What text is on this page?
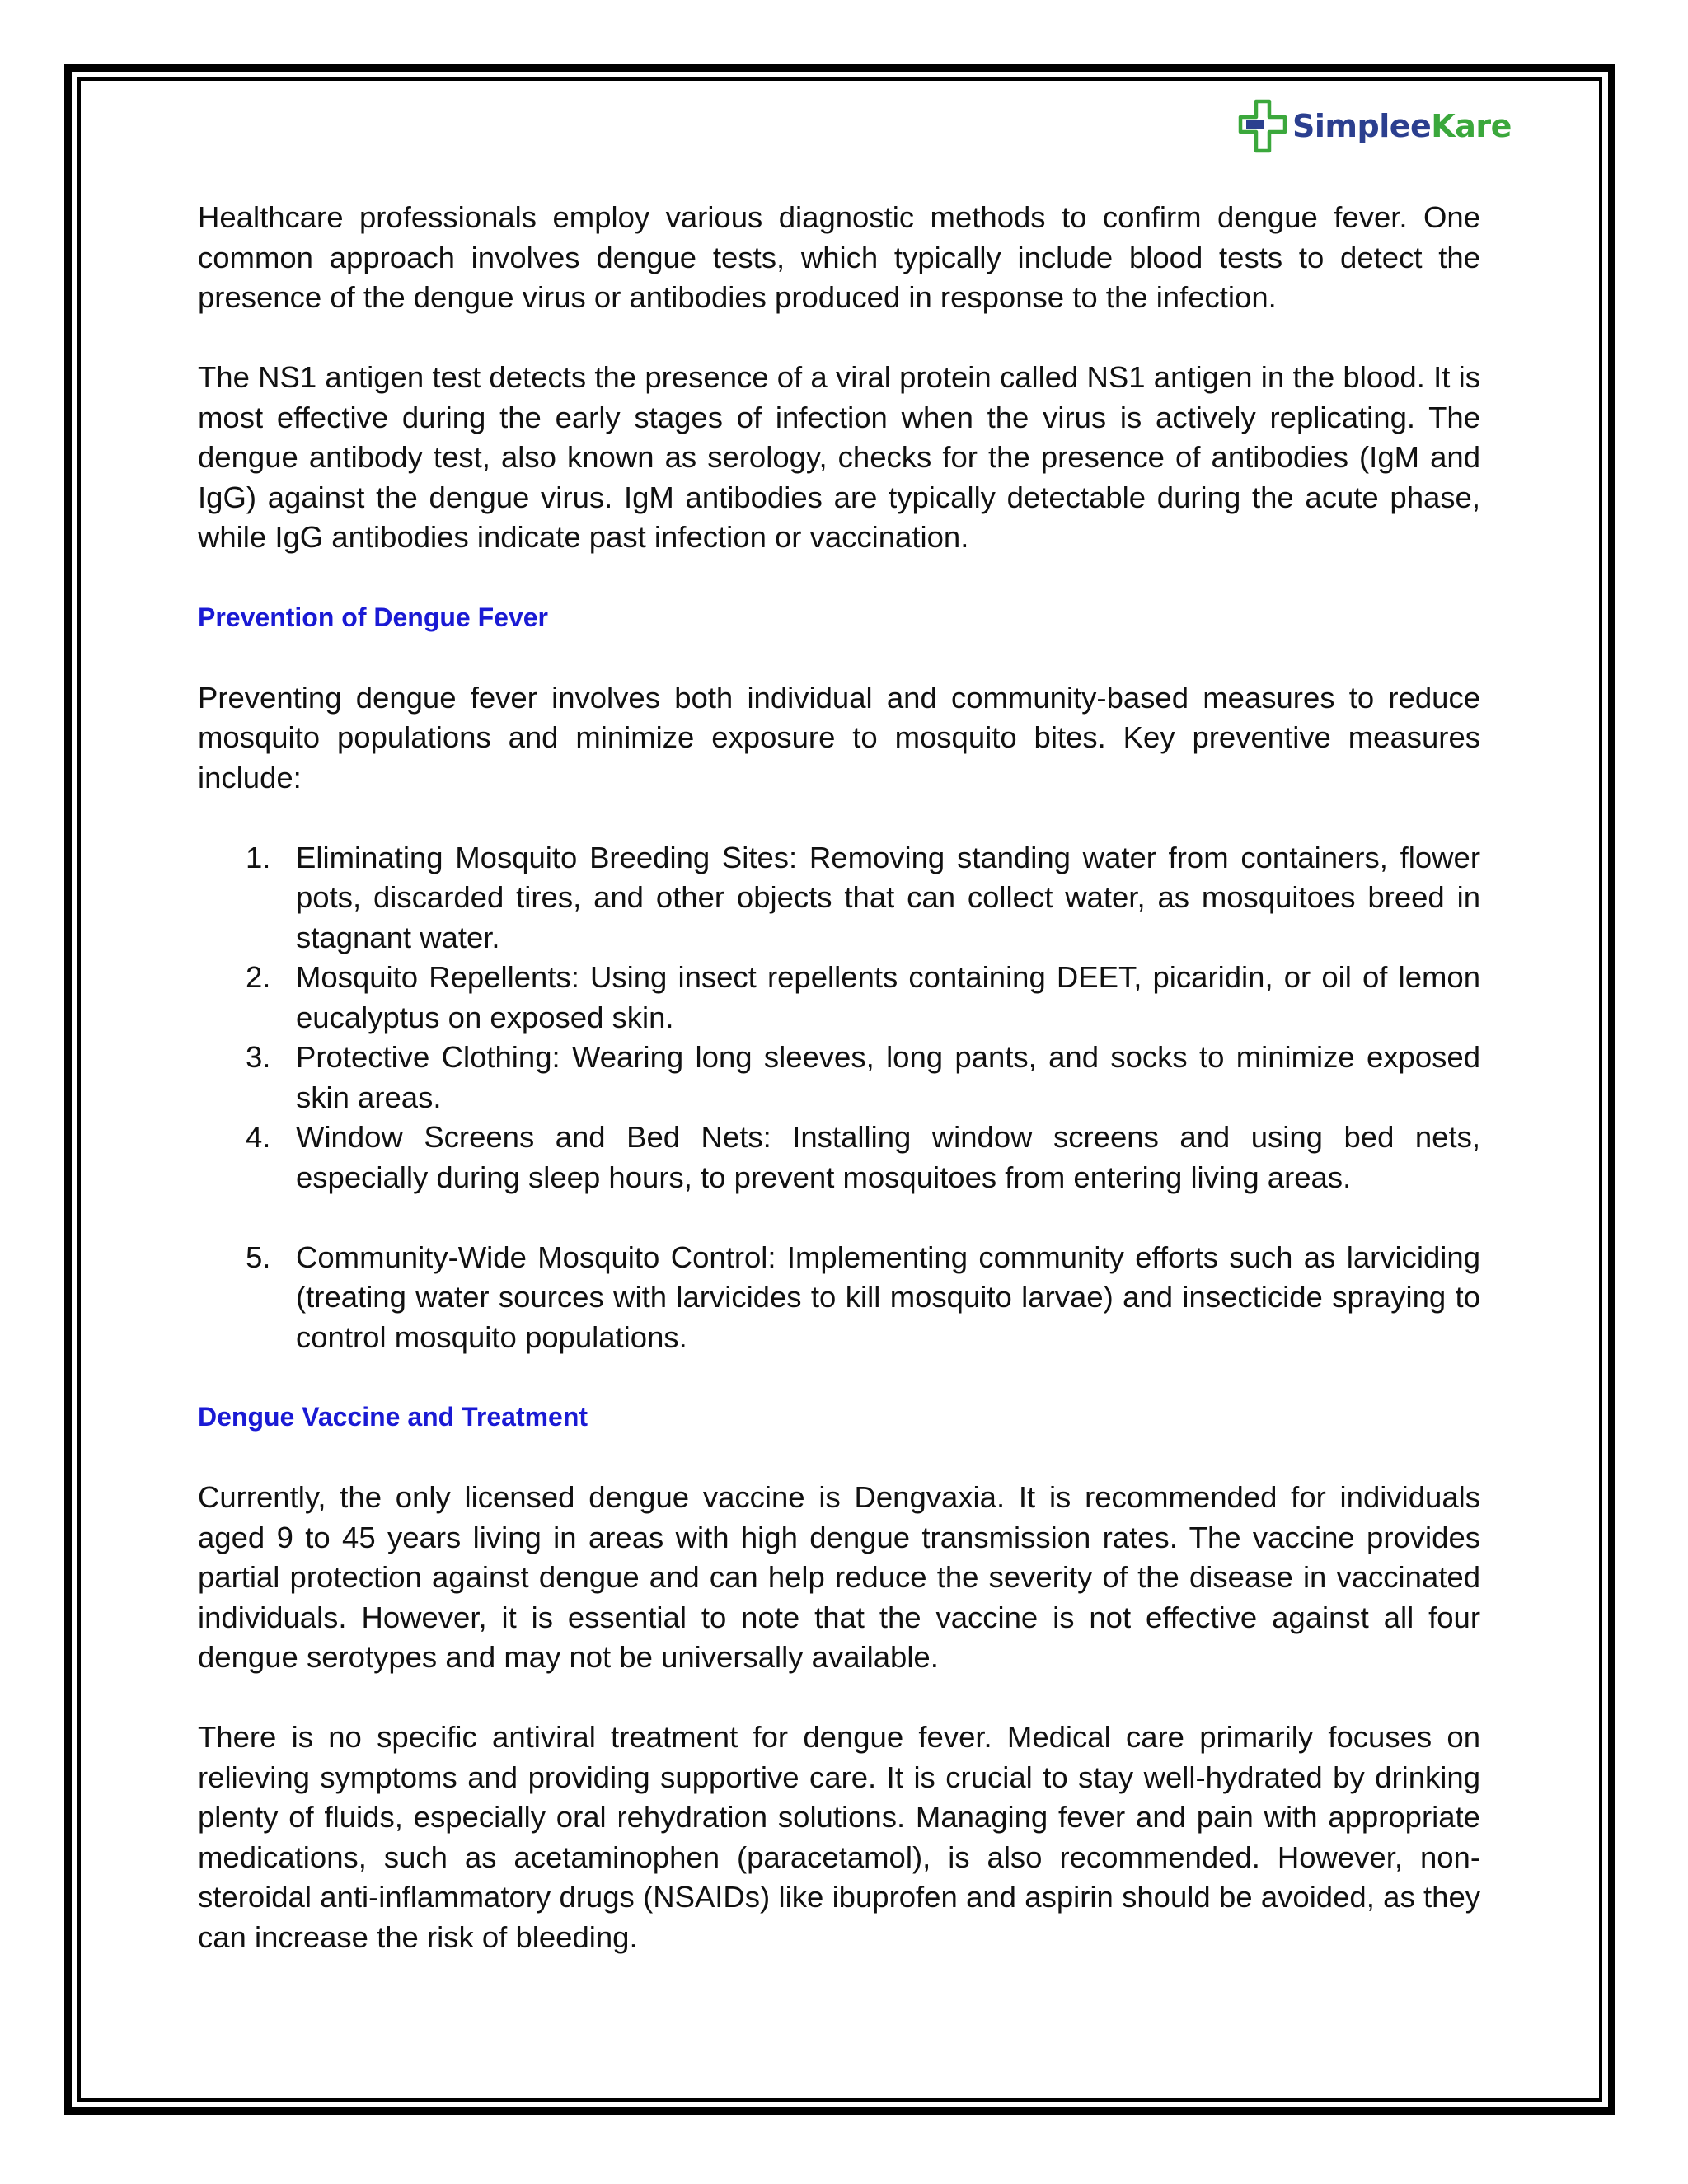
SimpleeKare

Healthcare professionals employ various diagnostic methods to confirm dengue fever. One common approach involves dengue tests, which typically include blood tests to detect the presence of the dengue virus or antibodies produced in response to the infection.

The NS1 antigen test detects the presence of a viral protein called NS1 antigen in the blood. It is most effective during the early stages of infection when the virus is actively replicating. The dengue antibody test, also known as serology, checks for the presence of antibodies (IgM and IgG) against the dengue virus. IgM antibodies are typically detectable during the acute phase, while IgG antibodies indicate past infection or vaccination.

Prevention of Dengue Fever

Preventing dengue fever involves both individual and community-based measures to reduce mosquito populations and minimize exposure to mosquito bites. Key preventive measures include:

1. Eliminating Mosquito Breeding Sites: Removing standing water from containers, flower pots, discarded tires, and other objects that can collect water, as mosquitoes breed in stagnant water.
2. Mosquito Repellents: Using insect repellents containing DEET, picaridin, or oil of lemon eucalyptus on exposed skin.
3. Protective Clothing: Wearing long sleeves, long pants, and socks to minimize exposed skin areas.
4. Window Screens and Bed Nets: Installing window screens and using bed nets, especially during sleep hours, to prevent mosquitoes from entering living areas.
5. Community-Wide Mosquito Control: Implementing community efforts such as larviciding (treating water sources with larvicides to kill mosquito larvae) and insecticide spraying to control mosquito populations.
Dengue Vaccine and Treatment

Currently, the only licensed dengue vaccine is Dengvaxia. It is recommended for individuals aged 9 to 45 years living in areas with high dengue transmission rates. The vaccine provides partial protection against dengue and can help reduce the severity of the disease in vaccinated individuals. However, it is essential to note that the vaccine is not effective against all four dengue serotypes and may not be universally available.

There is no specific antiviral treatment for dengue fever. Medical care primarily focuses on relieving symptoms and providing supportive care. It is crucial to stay well-hydrated by drinking plenty of fluids, especially oral rehydration solutions. Managing fever and pain with appropriate medications, such as acetaminophen (paracetamol), is also recommended. However, non-steroidal anti-inflammatory drugs (NSAIDs) like ibuprofen and aspirin should be avoided, as they can increase the risk of bleeding.
